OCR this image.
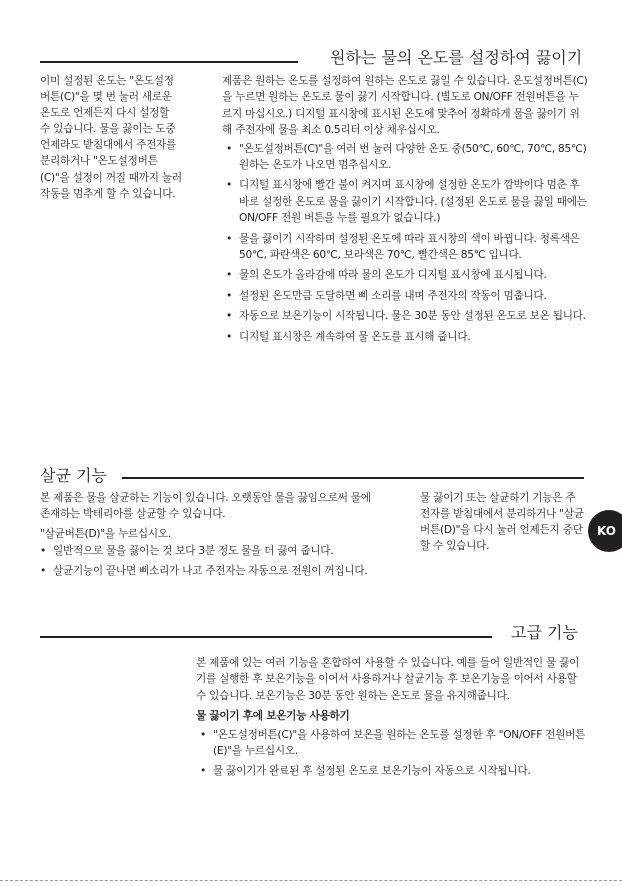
원하는 물의 온도를 설정하여 끓이기
이미 설정된 온도는 "온도설정버튼(C)"을 몇 번 눌러 새로운 온도로 언제든지 다시 설정할 수 있습니다. 물을 끓이는 도중 언제라도 받침대에서 주전자를 분리하거나 "온도설정버튼(C)"을 설정이 꺼질 때까지 눌러 작동을 멈추게 할 수 있습니다.

제품은 원하는 온도를 설정하여 원하는 온도로 끓일 수 있습니다. 온도설정버튼(C)을 누르면 원하는 온도로 물이 끓기 시작합니다. (별도로 ON/OFF 전원버튼을 누르지 마십시오.) 디지털 표시창에 표시된 온도에 맞추어 정확하게 물을 끓이기 위해 주전자에 물을 최소 0.5리터 이상 채우십시오.

• "온도설정버튼(C)"을 여러 번 눌러 다양한 온도 중(50℃, 60℃, 70℃, 85℃) 원하는 온도가 나오면 멈추십시오.
• 디지털 표시창에 빨간 불이 켜지며 표시창에 설정한 온도가 깜박이다 멈춘 후 바로 설정한 온도로 물을 끓이기 시작합니다. (설정된 온도로 물을 끓일 때에는 ON/OFF 전원 버튼을 누를 필요가 없습니다.)
• 물을 끓이기 시작하며 설정된 온도에 따라 표시창의 색이 바뀝니다. 청록색은 50℃, 파란색은 60℃, 보라색은 70℃, 빨간색은 85℃ 입니다.
• 물의 온도가 올라감에 따라 물의 온도가 디지털 표시창에 표시됩니다.
• 설정된 온도만큼 도달하면 삐 소리를 내며 주전자의 작동이 멈춥니다.
• 자동으로 보온기능이 시작됩니다. 물은 30분 동안 설정된 온도로 보온 됩니다.
• 디지털 표시창은 계속하여 물 온도를 표시해 줍니다.
살균 기능

본 제품은 물을 살균하는 기능이 있습니다. 오랫동안 물을 끓임으로써 물에 존재하는 박테리아를 살균할 수 있습니다.

"살균버튼(D)"을 누르십시오.

• 일반적으로 물을 끓이는 것 보다 3분 정도 물을 더 끓여 줍니다.
• 살균기능이 끝나면 삐소리가 나고 주전자는 자동으로 전원이 꺼집니다.
물 끓이기 또는 살균하기 기능은 주전자를 받침대에서 분리하거나 "살균버튼(D)"을 다시 눌러 언제든지 중단 할 수 있습니다.
KO
고급 기능

본 제품에 있는 여러 기능을 혼합하여 사용할 수 있습니다. 예를 들어 일반적인 물 끓이기를 실행한 후 보온기능을 이어서 사용하거나 살균기능 후 보온기능을 이어서 사용할 수 있습니다. 보온기능은 30분 동안 원하는 온도로 물을 유지해줍니다.

물 끓이기 후에 보온기능 사용하기

• "온도설정버튼(C)"을 사용하여 보온을 원하는 온도를 설정한 후 "ON/OFF 전원버튼(E)"을 누르십시오.
• 물 끓이기가 완료된 후 설정된 온도로 보온기능이 자동으로 시작됩니다.
